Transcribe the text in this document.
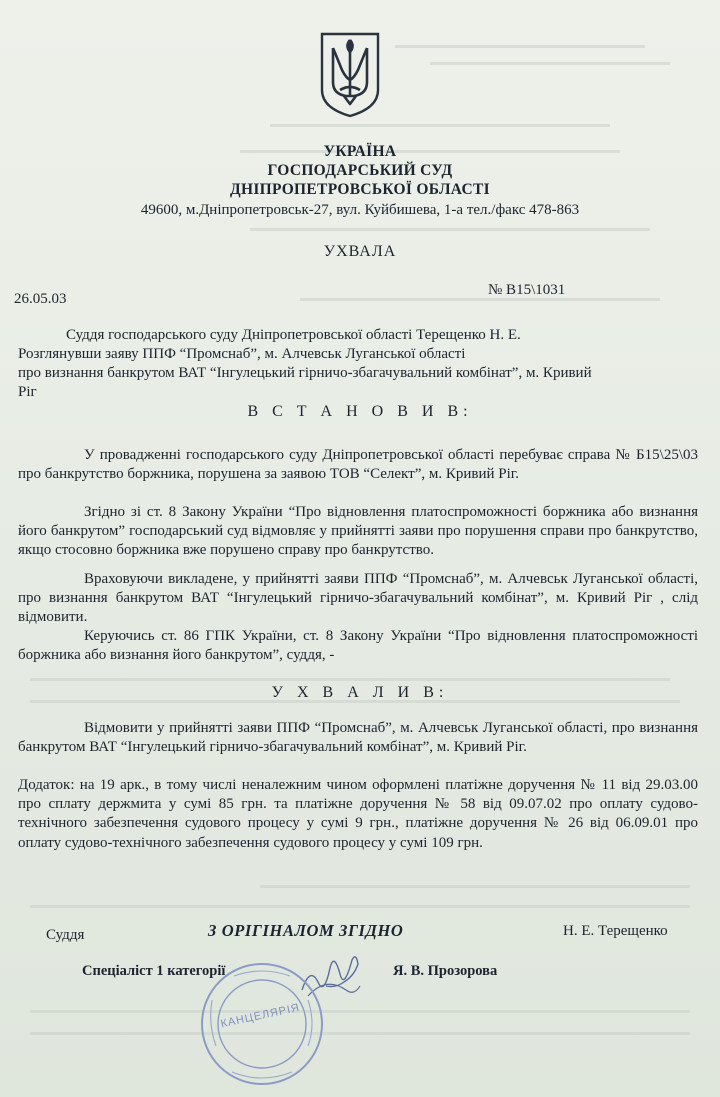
УКРАЇНА
ГОСПОДАРСЬКИЙ СУД
ДНІПРОПЕТРОВСЬКОЇ ОБЛАСТІ
49600, м.Дніпропетровськ-27, вул. Куйбишева, 1-а тел./факс 478-863
УХВАЛА
26.05.03
№ В15\1031
Суддя господарського суду Дніпропетровської області Терещенко Н. Е.
Розглянувши заяву ППФ “Промснаб”, м. Алчевськ Луганської області
про визнання банкрутом ВАТ “Інгулецький гірничо-збагачувальний комбінат”, м. Кривий
Ріг
В С Т А Н О В И В:
У провадженні господарського суду Дніпропетровської області перебуває справа № Б15\25\03 про банкрутство боржника, порушена за заявою ТОВ “Селект”, м. Кривий Ріг.
Згідно зі ст. 8 Закону України “Про відновлення платоспроможності боржника або визнання його банкрутом” господарський суд відмовляє у прийнятті заяви про порушення справи про банкрутство, якщо стосовно боржника вже порушено справу про банкрутство.
Враховуючи викладене, у прийнятті заяви ППФ “Промснаб”, м. Алчевськ Луганської області, про визнання банкрутом ВАТ “Інгулецький гірничо-збагачувальний комбінат”, м. Кривий Ріг , слід відмовити.
Керуючись ст. 86 ГПК України, ст. 8 Закону України “Про відновлення платоспроможності боржника або визнання його банкрутом”, суддя, -
У Х В А Л И В:
Відмовити у прийнятті заяви ППФ “Промснаб”, м. Алчевськ Луганської області, про визнання банкрутом ВАТ “Інгулецький гірничо-збагачувальний комбінат”, м. Кривий Ріг.
Додаток: на 19 арк., в тому числі неналежним чином оформлені платіжне доручення № 11 від 29.03.00 про сплату держмита у сумі 85 грн. та платіжне доручення № 58 від 09.07.02 про оплату судово-технічного забезпечення судового процесу у сумі 9 грн., платіжне доручення № 26 від 06.09.01 про оплату судово-технічного забезпечення судового процесу у сумі 109 грн.
Суддя	З ОРІГІНАЛОМ ЗГІДНО	Н. Е. Терещенко
Спеціаліст 1 категорії	Я. В. Прозорова
КАНЦЕЛЯРІЯ
